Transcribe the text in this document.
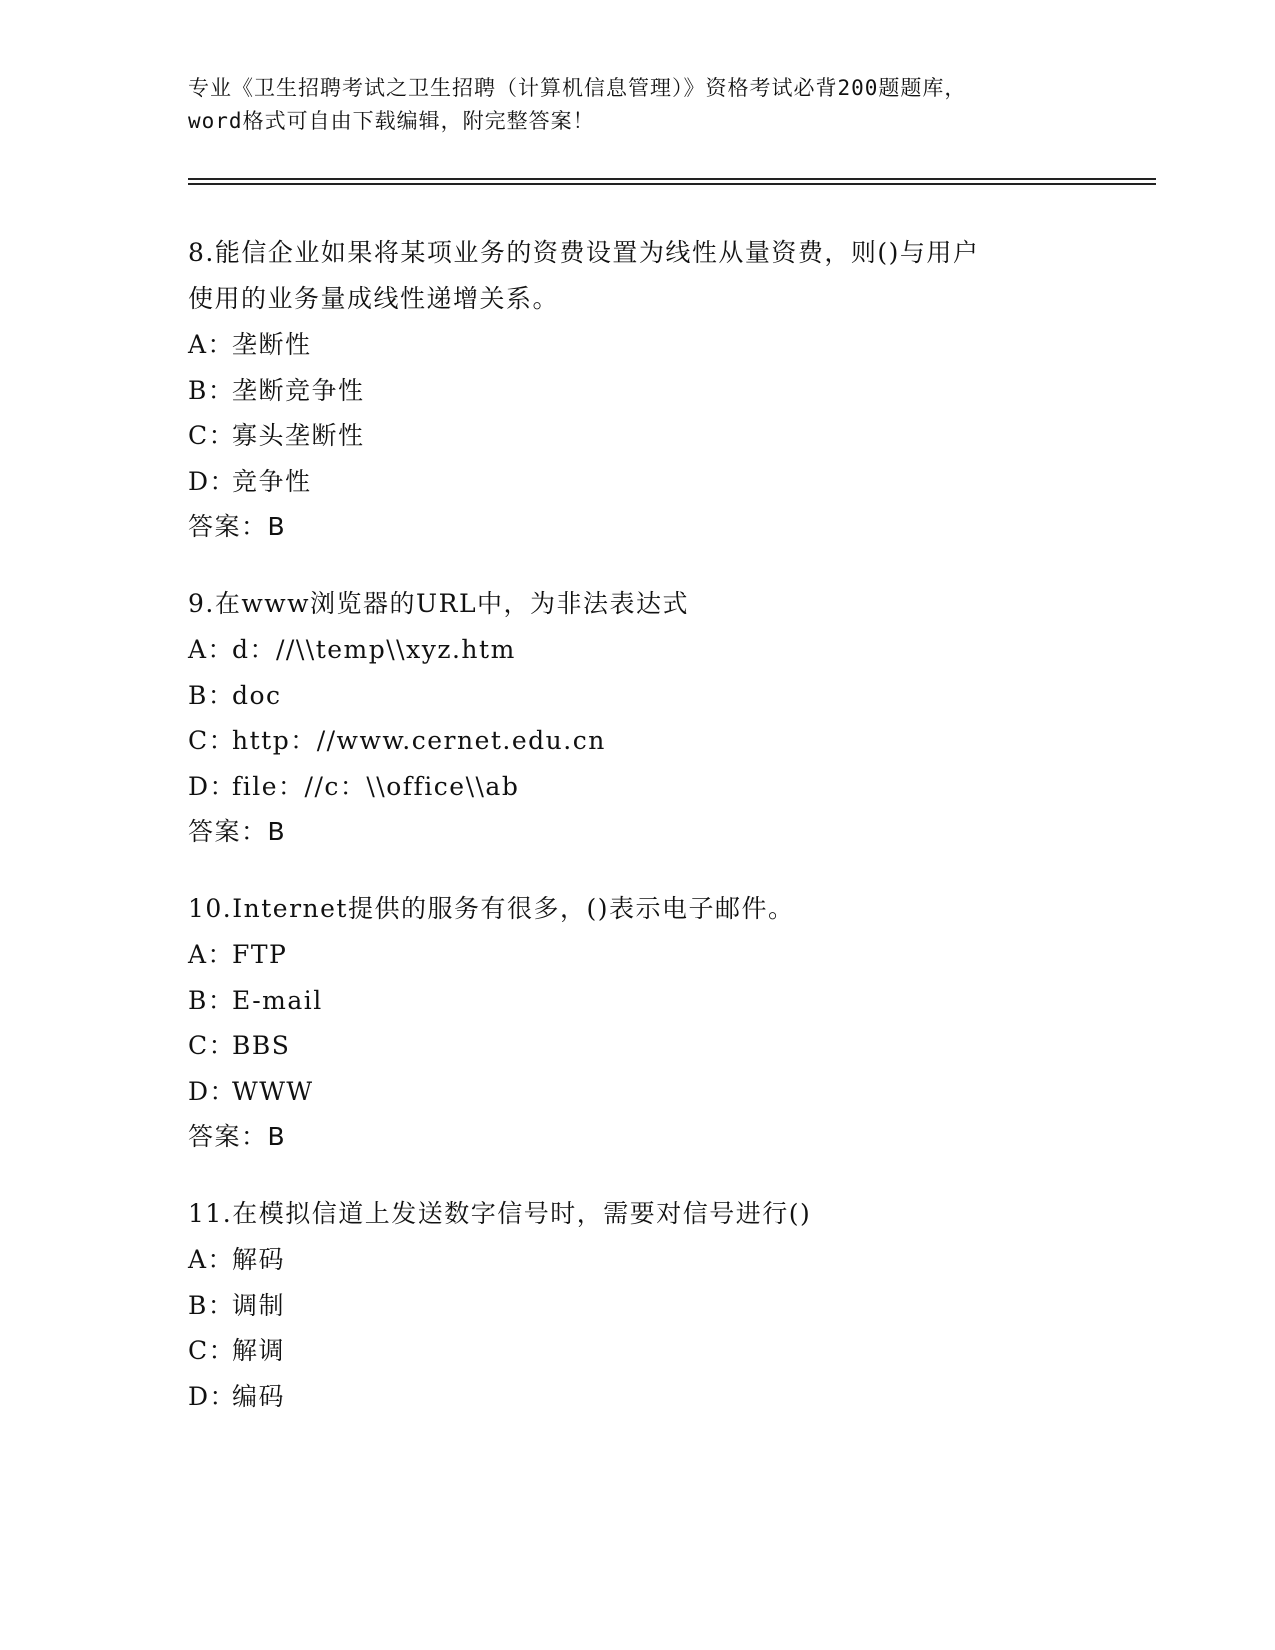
专业《卫生招聘考试之卫生招聘（计算机信息管理）》资格考试必背200题题库，
word格式可自由下载编辑，附完整答案！
8.能信企业如果将某项业务的资费设置为线性从量资费，则()与用户
使用的业务量成线性递增关系。
A：垄断性
B：垄断竞争性
C：寡头垄断性
D：竞争性
答案：B
9.在www浏览器的URL中，为非法表达式
A：d：//\\temp\\xyz.htm
B：doc
C：http：//www.cernet.edu.cn
D：file：//c：\\office\\ab
答案：B
10.Internet提供的服务有很多，()表示电子邮件。
A：FTP
B：E-mail
C：BBS
D：WWW
答案：B
11.在模拟信道上发送数字信号时，需要对信号进行()
A：解码
B：调制
C：解调
D：编码
